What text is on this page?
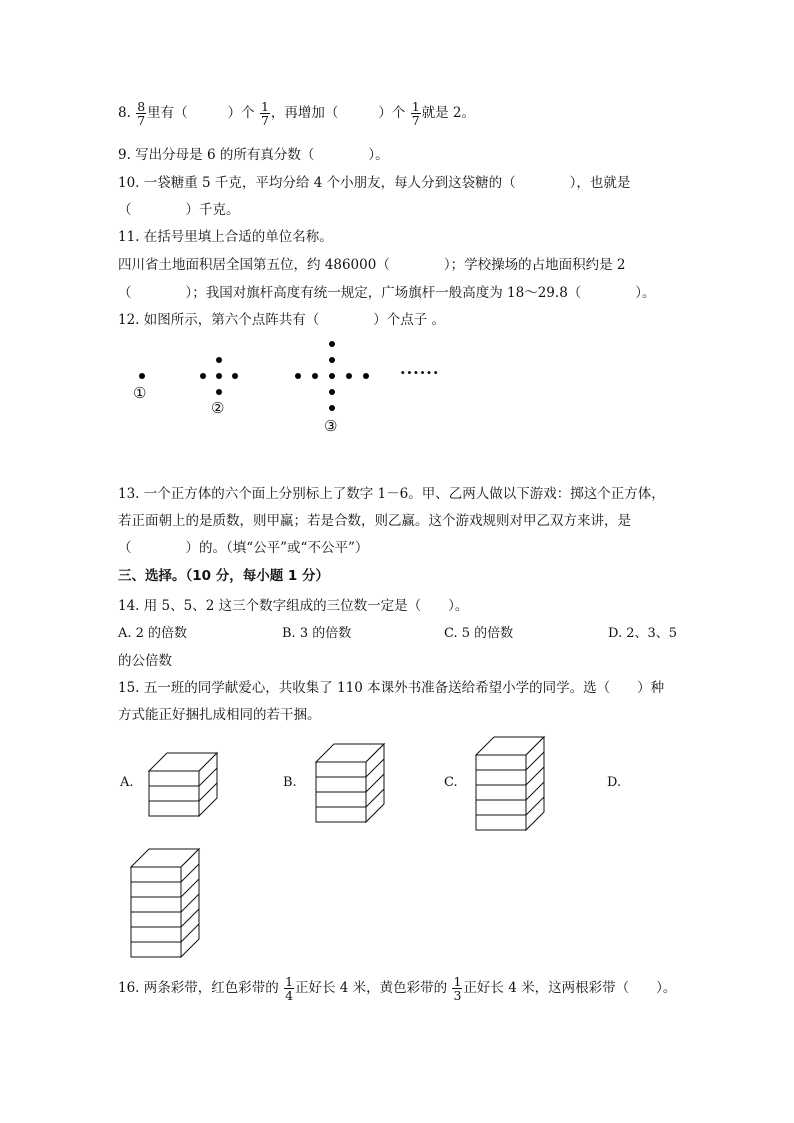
8. $\frac{8}{7}$ 里有（	）个 $\frac{1}{7}$ ，再增加（	）个 $\frac{1}{7}$ 就是 2。
9. 写出分母是 6 的所有真分数（　　　　）。
10. 一袋糖重 5 千克，平均分给 4 个小朋友，每人分到这袋糖的（　　　　），也就是
（　　　　）千克。
11. 在括号里填上合适的单位名称。
四川省土地面积居全国第五位，约 486000（　　　　）；学校操场的占地面积约是 2
（　　　　）；我国对旗杆高度有统一规定，广场旗杆一般高度为 18～29.8（　　　　）。
12. 如图所示，第六个点阵共有（　　　　）个点子 。
①
②
③
······
13. 一个正方体的六个面上分别标上了数字 1－6。甲、乙两人做以下游戏：掷这个正方体，
若正面朝上的是质数，则甲赢；若是合数，则乙赢。这个游戏规则对甲乙双方来讲，是
（　　　　）的。（填“公平”或“不公平”）
三、选择。（10 分，每小题 1 分）
14. 用 5、5、2 这三个数字组成的三位数一定是（　　）。
A. 2 的倍数	B. 3 的倍数	C. 5 的倍数	D. 2、3、5
的公倍数
15. 五一班的同学献爱心，共收集了 110 本课外书准备送给希望小学的同学。选（　　）种
方式能正好捆扎成相同的若干捆。
A.	B.	C.	D.
16. 两条彩带，红色彩带的 $\frac{1}{4}$ 正好长 4 米，黄色彩带的 $\frac{1}{3}$ 正好长 4 米，这两根彩带（　　）。
